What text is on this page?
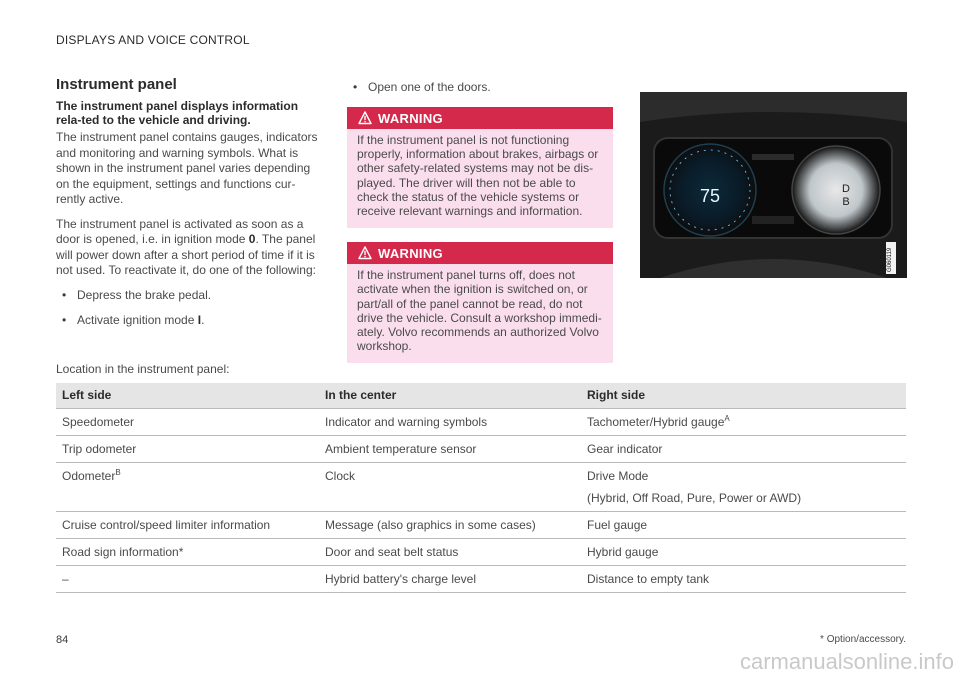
DISPLAYS AND VOICE CONTROL
Instrument panel
The instrument panel displays information rela-ted to the vehicle and driving.

The instrument panel contains gauges, indicators and monitoring and warning symbols. What is shown in the instrument panel varies depending on the equipment, settings and functions cur-rently active.

The instrument panel is activated as soon as a door is opened, i.e. in ignition mode 0. The panel will power down after a short period of time if it is not used. To reactivate it, do one of the following:

• Depress the brake pedal.
• Activate ignition mode I.
• Open one of the doors.
WARNING
If the instrument panel is not functioning properly, information about brakes, airbags or other safety-related systems may not be dis-played. The driver will then not be able to check the status of the vehicle systems or receive relevant warnings and information.
WARNING
If the instrument panel turns off, does not activate when the ignition is switched on, or part/all of the panel cannot be read, do not drive the vehicle. Consult a workshop immedi-ately. Volvo recommends an authorized Volvo workshop.
75	D
B
G060119
Location in the instrument panel:
Left side	In the center	Right side
Speedometer	Indicator and warning symbols	Tachometer/Hybrid gauge$^A$
Trip odometer	Ambient temperature sensor	Gear indicator
Odometer$^B$	Clock	Drive Mode
(Hybrid, Off Road, Pure, Power or AWD)

Cruise control/speed limiter information	Message (also graphics in some cases)	Fuel gauge
Road sign information*	Door and seat belt status	Hybrid gauge
–	Hybrid battery's charge level	Distance to empty tank
* Option/accessory.
84
carmanualsonline.info
